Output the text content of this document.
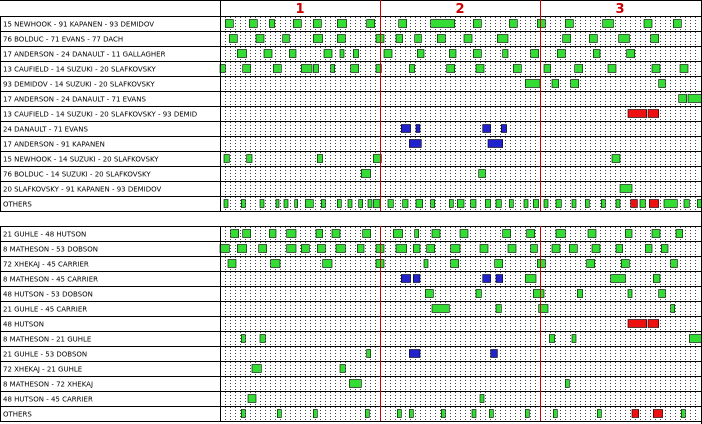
1	2	3
15 NEWHOOK - 91 KAPANEN - 93 DEMIDOV
76 BOLDUC - 71 EVANS - 77 DACH
17 ANDERSON - 24 DANAULT - 11 GALLAGHER
13 CAUFIELD - 14 SUZUKI - 20 SLAFKOVSKY
93 DEMIDOV - 14 SUZUKI - 20 SLAFKOVSKY
17 ANDERSON - 24 DANAULT - 71 EVANS
13 CAUFIELD - 14 SUZUKI - 20 SLAFKOVSKY - 93 DEMID
24 DANAULT - 71 EVANS
17 ANDERSON - 91 KAPANEN
15 NEWHOOK - 14 SUZUKI - 20 SLAFKOVSKY
76 BOLDUC - 14 SUZUKI - 20 SLAFKOVSKY
20 SLAFKOVSKY - 91 KAPANEN - 93 DEMIDOV
OTHERS
21 GUHLE - 48 HUTSON
8 MATHESON - 53 DOBSON
72 XHEKAJ - 45 CARRIER
8 MATHESON - 45 CARRIER
48 HUTSON - 53 DOBSON
21 GUHLE - 45 CARRIER
48 HUTSON
8 MATHESON - 21 GUHLE
21 GUHLE - 53 DOBSON
72 XHEKAJ - 21 GUHLE
8 MATHESON - 72 XHEKAJ
48 HUTSON - 45 CARRIER
OTHERS
